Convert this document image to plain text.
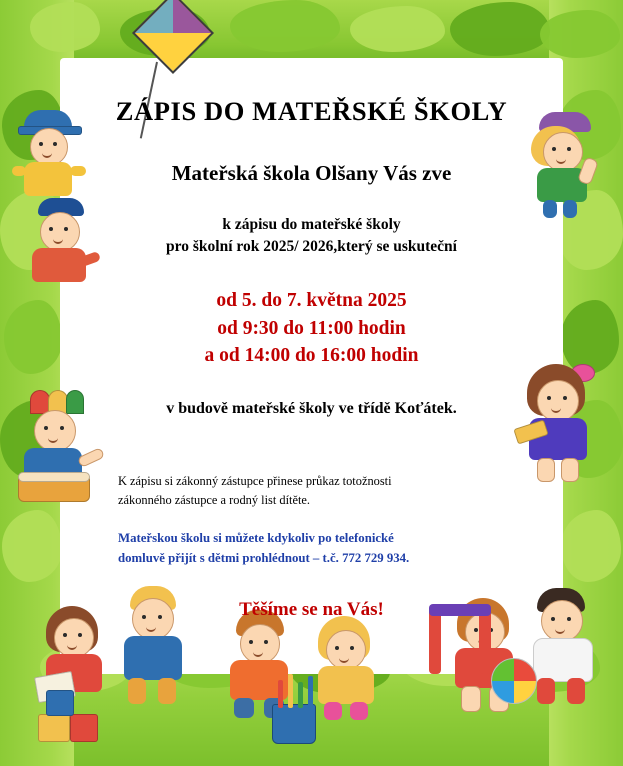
ZÁPIS DO MATEŘSKÉ ŠKOLY
Mateřská škola Olšany Vás zve

k zápisu do mateřské školy

pro školní rok 2025/ 2026,který se uskuteční

od 5. do 7. května 2025

od 9:30 do 11:00 hodin

a od 14:00 do 16:00 hodin

v budově mateřské školy ve třídě Koťátek.

K zápisu si zákonný zástupce přinese průkaz totožnosti
zákonného zástupce a rodný list dítěte.
Mateřskou školu si můžete kdykoliv po telefonické
domluvě přijít s dětmi prohlédnout – t.č. 772 729 934.

Těšíme se na Vás!
